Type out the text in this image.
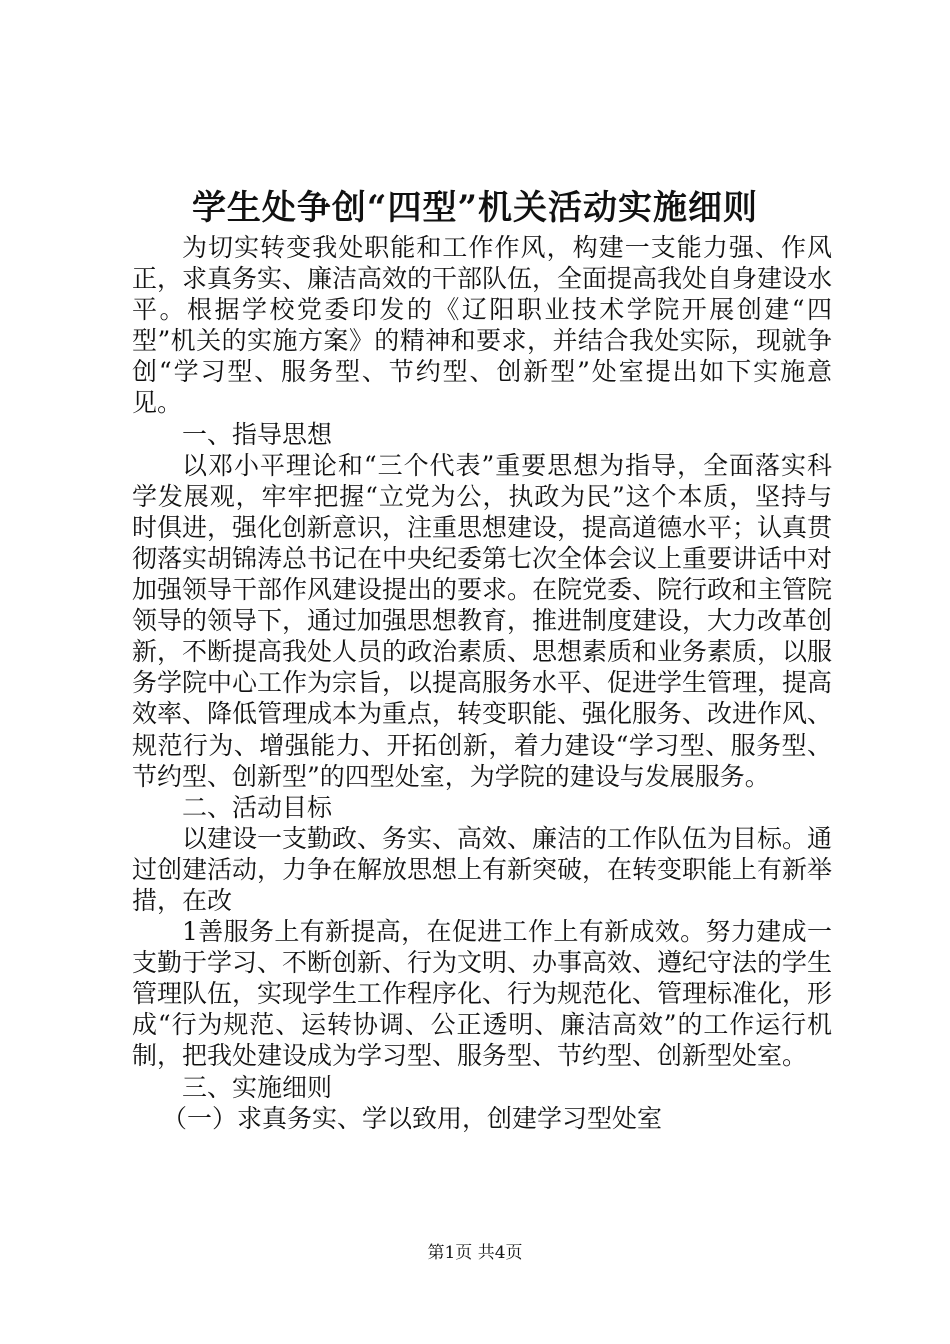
学生处争创“四型”机关活动实施细则

为切实转变我处职能和工作作风，构建一支能力强、作风正，求真务实、廉洁高效的干部队伍，全面提高我处自身建设水平。根据学校党委印发的《辽阳职业技术学院开展创建“四型”机关的实施方案》的精神和要求，并结合我处实际，现就争创“学习型、服务型、节约型、创新型”处室提出如下实施意见。

一、指导思想

以邓小平理论和“三个代表”重要思想为指导，全面落实科学发展观，牢牢把握“立党为公，执政为民”这个本质，坚持与时俱进，强化创新意识，注重思想建设，提高道德水平；认真贯彻落实胡锦涛总书记在中央纪委第七次全体会议上重要讲话中对加强领导干部作风建设提出的要求。在院党委、院行政和主管院领导的领导下，通过加强思想教育，推进制度建设，大力改革创新，不断提高我处人员的政治素质、思想素质和业务素质，以服务学院中心工作为宗旨，以提高服务水平、促进学生管理，提高效率、降低管理成本为重点，转变职能、强化服务、改进作风、规范行为、增强能力、开拓创新，着力建设“学习型、服务型、节约型、创新型”的四型处室，为学院的建设与发展服务。

二、活动目标

以建设一支勤政、务实、高效、廉洁的工作队伍为目标。通过创建活动，力争在解放思想上有新突破，在转变职能上有新举措，在改

1善服务上有新提高，在促进工作上有新成效。努力建成一支勤于学习、不断创新、行为文明、办事高效、遵纪守法的学生管理队伍，实现学生工作程序化、行为规范化、管理标准化，形成“行为规范、运转协调、公正透明、廉洁高效”的工作运行机制，把我处建设成为学习型、服务型、节约型、创新型处室。

三、实施细则

（一）求真务实、学以致用，创建学习型处室

第1页 共4页
